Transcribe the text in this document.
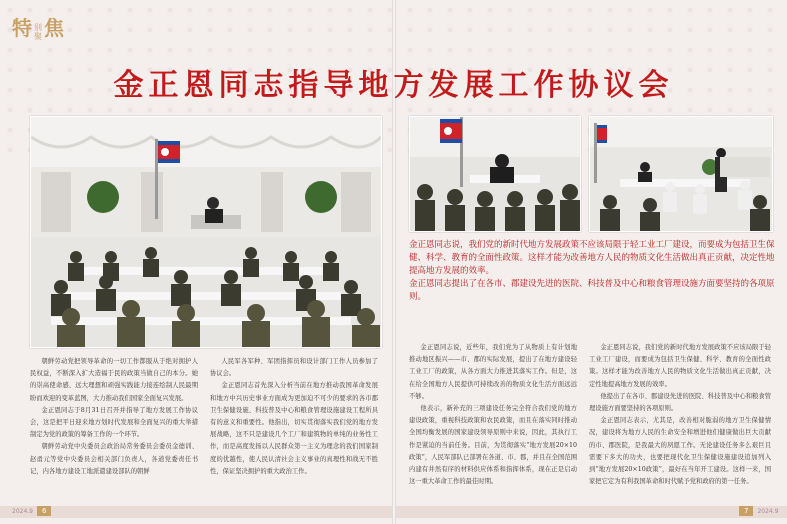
特 别聚 焦
金正恩同志指导地方发展工作协议会

金正恩同志说，我们党的新时代地方发展政策不应该局限于轻工业工厂建设，而要成为包括卫生保健、科学、教育的全面性政策。这样才能为改善地方人民的物质文化生活做出真正贡献，决定性地提高地方发展的效率。

金正恩同志提出了在各市、郡建设先进的医院、科技普及中心和粮食管理设施方面要坚持的各项原则。

朝鲜劳动党把领导革命的一切工作都服从于绝对拥护人民权益，不断深入扩大造福于民的政策当做自己的本分。她的崇高使命感、远大理想和顽强实践能力接连绘制人民最期盼而欢迎的变革蓝图，大力推动我们国家全面复兴发展。

金正恩同志于8月31日召开并指导了地方发展工作协议会，这是把平日迎来地方划时代发展和全面复兴的重大举措制定为党的政策的筹备工作的一个环节。

朝鲜劳动党中央委员会政治局常务委员会委员金德训、赵甬元等党中央委员会相关部门负责人，各道党委责任书记，内各地方建设工地派遣建设部队的朝鲜

人民军各军种、军团指挥员和设计部门工作人员参加了协议会。

金正恩同志首先深入分析当前在地方推动我国革命发展和地方中兴历史事业方面成为更加迫不可少的要求的各市郡卫生保健设施、科技普及中心和粮食管理设施建设工程所具有的意义和重要性。他指出，切实贯彻落实我们党的地方发展战略，这不只是建设几个工厂和建筑物的单纯的业务性工作，而是高度发扬以人民群众第一主义为理念的我们国家制度的优越性，使人民认清社会主义事业的真理性和战无不胜性，保证坚决拥护的重大政治工作。

金正恩同志说，近些年，我们党为了从物质上有计划地推动地区振兴——市、郡的实际发展，提出了在地方建设轻工业工厂的政策，从各方面大力推进其落实工作。但是，这在给全国地方人民提供可持续改善的物质文化生活方面远远不够。

他表示，新补充的三项建设任务完全符合我们党的地方建设政策，重视科技政策和农民政策，而且在落实同时推动全国均衡发展的国家建设领导原则中来说，因此，其执行工作是紧迫的当前任务。目前，为贯彻落实“地方发展20×10政策”，人民军部队已部署在各道、市、郡，并且在全国范围内建有井然有序的材料供应体系和指挥体系，现在正是启动这一重大革命工作的最佳时期。

金正恩同志说，我们党的新时代地方发展政策不应该局限于轻工业工厂建设，而要成为包括卫生保健、科学、教育的全面性政策。这样才能为改善地方人民的物质文化生活做出真正贡献，决定性地提高地方发展的效率。

他提出了在各市、郡建设先进的医院、科技普及中心和粮食管理设施方面要坚持的各项原则。

金正恩同志表示，尤其是，改善相对脆弱的地方卫生保健情况，建设将为地方人民的生命安全和增进他们健康做出巨大贡献的市、郡医院，是我最大的夙愿工作。无论建设任务多么艰巨且需要下多大的功夫，也要把现代化卫生保健设施建设追加列入到“地方发展20×10政策”，最好在当年开工建设。这样一来，国家把它定为有利我国革命和时代赋予党和政府的第一任务。

2024.9	6	7	2024.9
